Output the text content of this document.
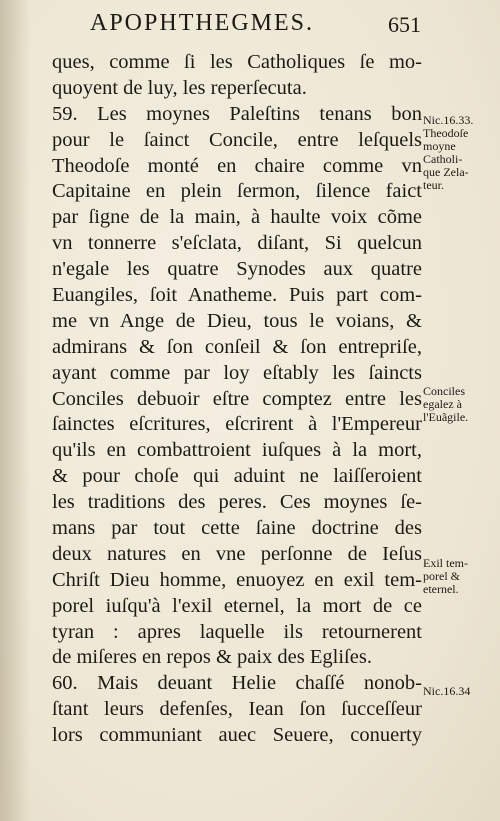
APOPHTHEGMES.	651
ques, comme ſi les Catholiques ſe mo-
quoyent de luy, les reperſecuta.
59. Les moynes Paleſtins tenans bon
pour le ſainct Concile, entre leſquels
Theodoſe monté en chaire comme vn
Capitaine en plein ſermon, ſilence faict
par ſigne de la main, à haulte voix cõme
vn tonnerre s'eſclata, diſant, Si quelcun
n'egale les quatre Synodes aux quatre
Euangiles, ſoit Anatheme. Puis part com-
me vn Ange de Dieu, tous le voians, &
admirans & ſon conſeil & ſon entrepriſe,
ayant comme par loy eſtably les ſaincts
Conciles debuoir eſtre comptez entre les
ſainctes eſcritures, eſcrirent à l'Empereur
qu'ils en combattroient iuſques à la mort,
& pour choſe qui aduint ne laiſſeroient
les traditions des peres. Ces moynes ſe-
mans par tout cette ſaine doctrine des
deux natures en vne perſonne de Ieſus
Chriſt Dieu homme, enuoyez en exil tem-
porel iuſqu'à l'exil eternel, la mort de ce
tyran : apres laquelle ils retournerent
de miſeres en repos & paix des Egliſes.
60. Mais deuant Helie chaſſé nonob-
ſtant leurs defenſes, Iean ſon ſucceſſeur
lors communiant auec Seuere, conuerty
Nic.16.33.
Theodoſe
moyne
Catholi-
que Zela-
teur.
Conciles
egalez à
l'Euãgile.
Exil tem-
porel &
eternel.
Nic.16.34
